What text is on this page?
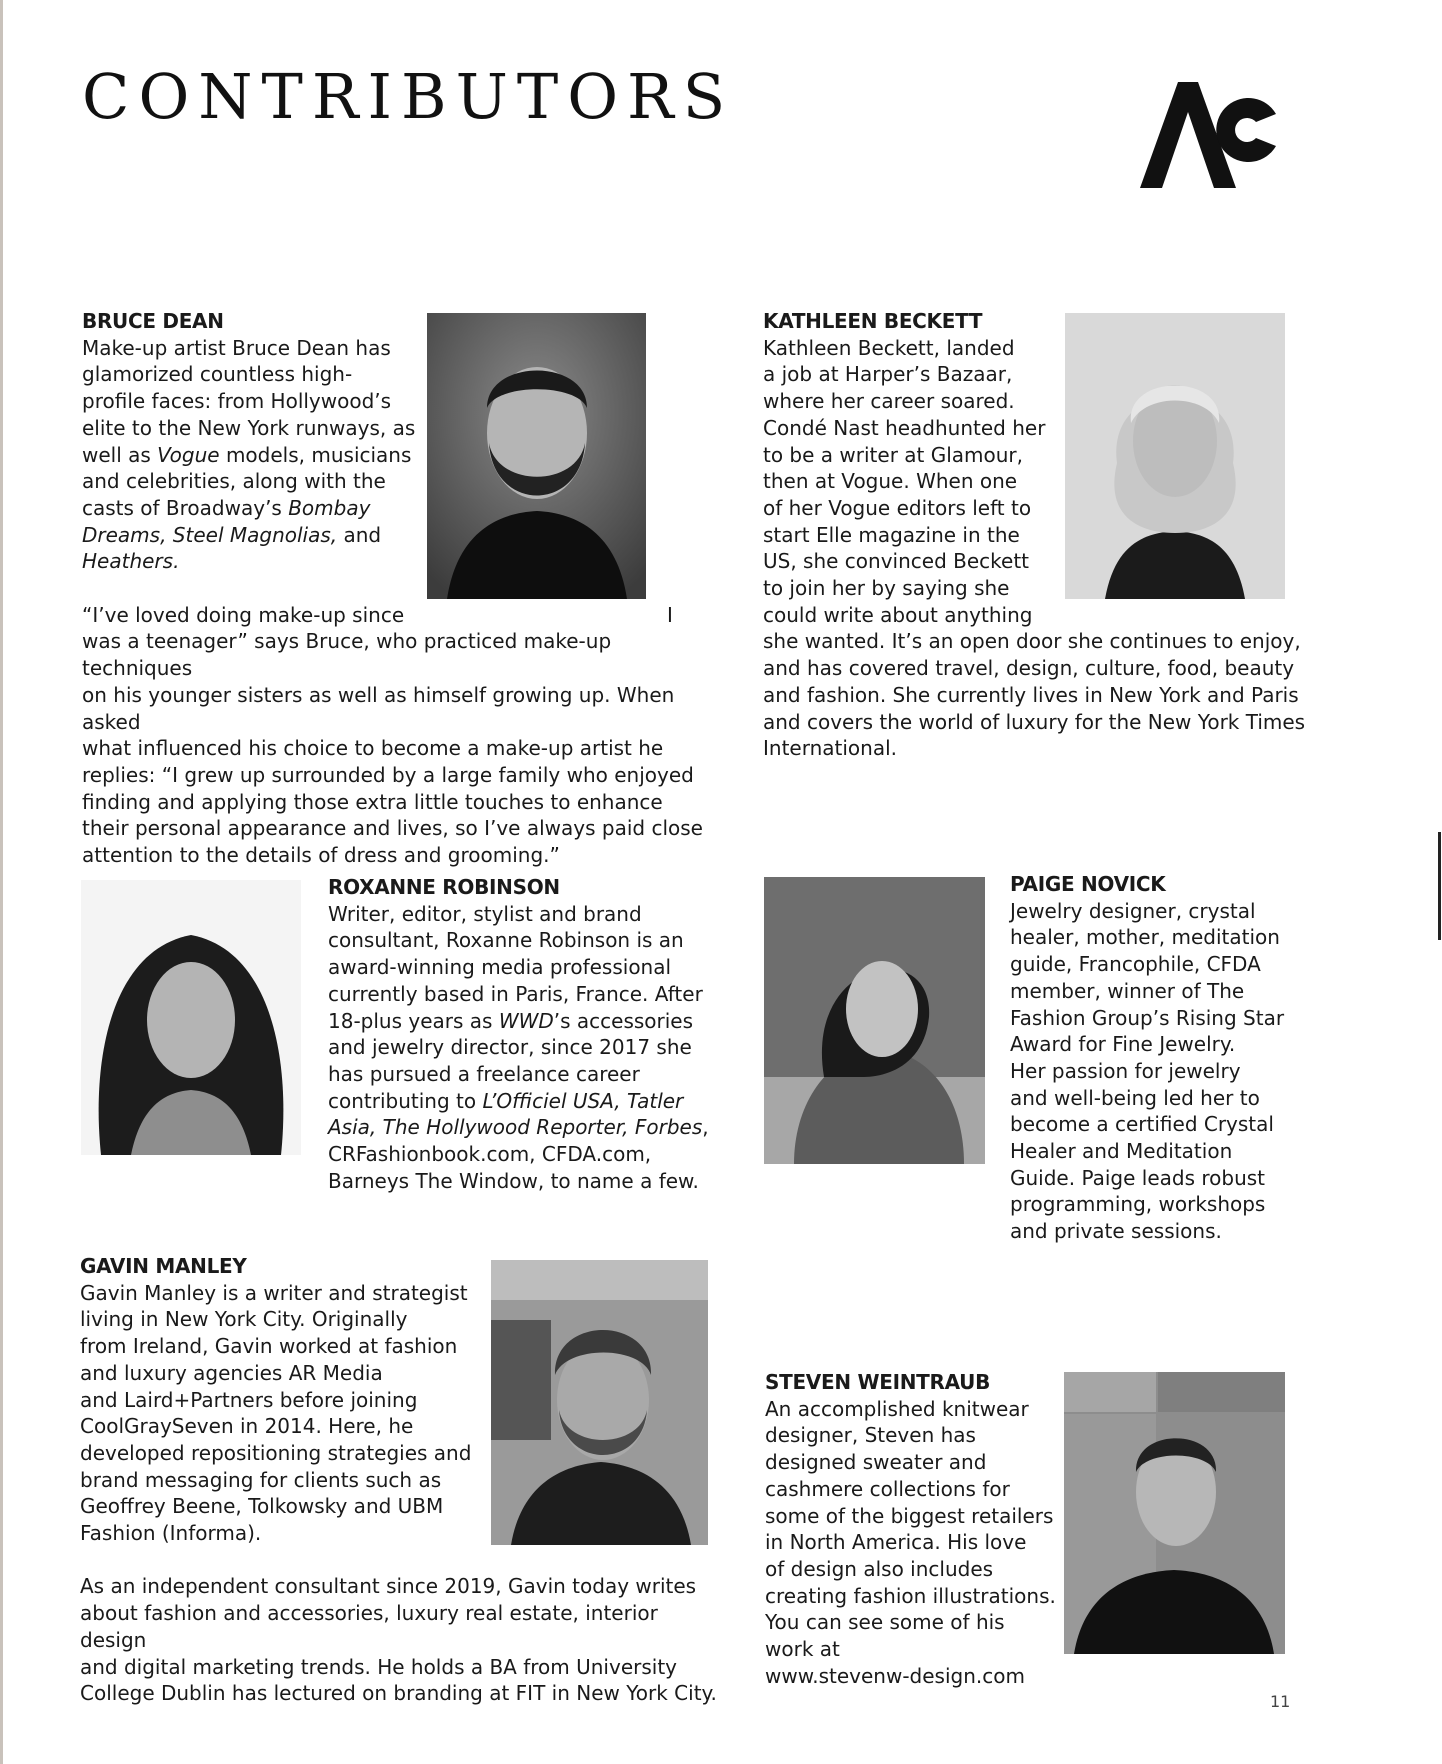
CONTRIBUTORS

BRUCE DEAN

Make-up artist Bruce Dean has

glamorized countless high-

profile faces: from Hollywood’s

elite to the New York runways, as

well as Vogue models, musicians

and celebrities, along with the

casts of Broadway’s Bombay

Dreams, Steel Magnolias, and

Heathers.

“I’ve loved doing make-up since	I

was a teenager” says Bruce, who practiced make-up techniques

on his younger sisters as well as himself growing up. When asked

what influenced his choice to become a make-up artist he

replies: “I grew up surrounded by a large family who enjoyed

finding and applying those extra little touches to enhance

their personal appearance and lives, so I’ve always paid close

attention to the details of dress and grooming.”

KATHLEEN BECKETT

Kathleen Beckett, landed

a job at Harper’s Bazaar,

where her career soared.

Condé Nast headhunted her

to be a writer at Glamour,

then at Vogue. When one

of her Vogue editors left to

start Elle magazine in the

US, she convinced Beckett

to join her by saying she

could write about anything

she wanted. It’s an open door she continues to enjoy,

and has covered travel, design, culture, food, beauty

and fashion. She currently lives in New York and Paris

and covers the world of luxury for the New York Times

International.

ROXANNE ROBINSON

Writer, editor, stylist and brand

consultant, Roxanne Robinson is an

award-winning media professional

currently based in Paris, France. After

18-plus years as WWD’s accessories

and jewelry director, since 2017 she

has pursued a freelance career

contributing to L’Officiel USA, Tatler

Asia, The Hollywood Reporter, Forbes,

CRFashionbook.com, CFDA.com,

Barneys The Window, to name a few.

PAIGE NOVICK

Jewelry designer, crystal

healer, mother, meditation

guide, Francophile, CFDA

member, winner of The

Fashion Group’s Rising Star

Award for Fine Jewelry.

Her passion for jewelry

and well-being led her to

become a certified Crystal

Healer and Meditation

Guide. Paige leads robust

programming, workshops

and private sessions.

GAVIN MANLEY

Gavin Manley is a writer and strategist

living in New York City. Originally

from Ireland, Gavin worked at fashion

and luxury agencies AR Media

and Laird+Partners before joining

CoolGraySeven in 2014. Here, he

developed repositioning strategies and

brand messaging for clients such as

Geoffrey Beene, Tolkowsky and UBM

Fashion (Informa).

As an independent consultant since 2019, Gavin today writes

about fashion and accessories, luxury real estate, interior design

and digital marketing trends. He holds a BA from University

College Dublin has lectured on branding at FIT in New York City.

STEVEN WEINTRAUB

An accomplished knitwear

designer, Steven has

designed sweater and

cashmere collections for

some of the biggest retailers

in North America. His love

of design also includes

creating fashion illustrations.

You can see some of his

work at

www.stevenw-design.com

11
